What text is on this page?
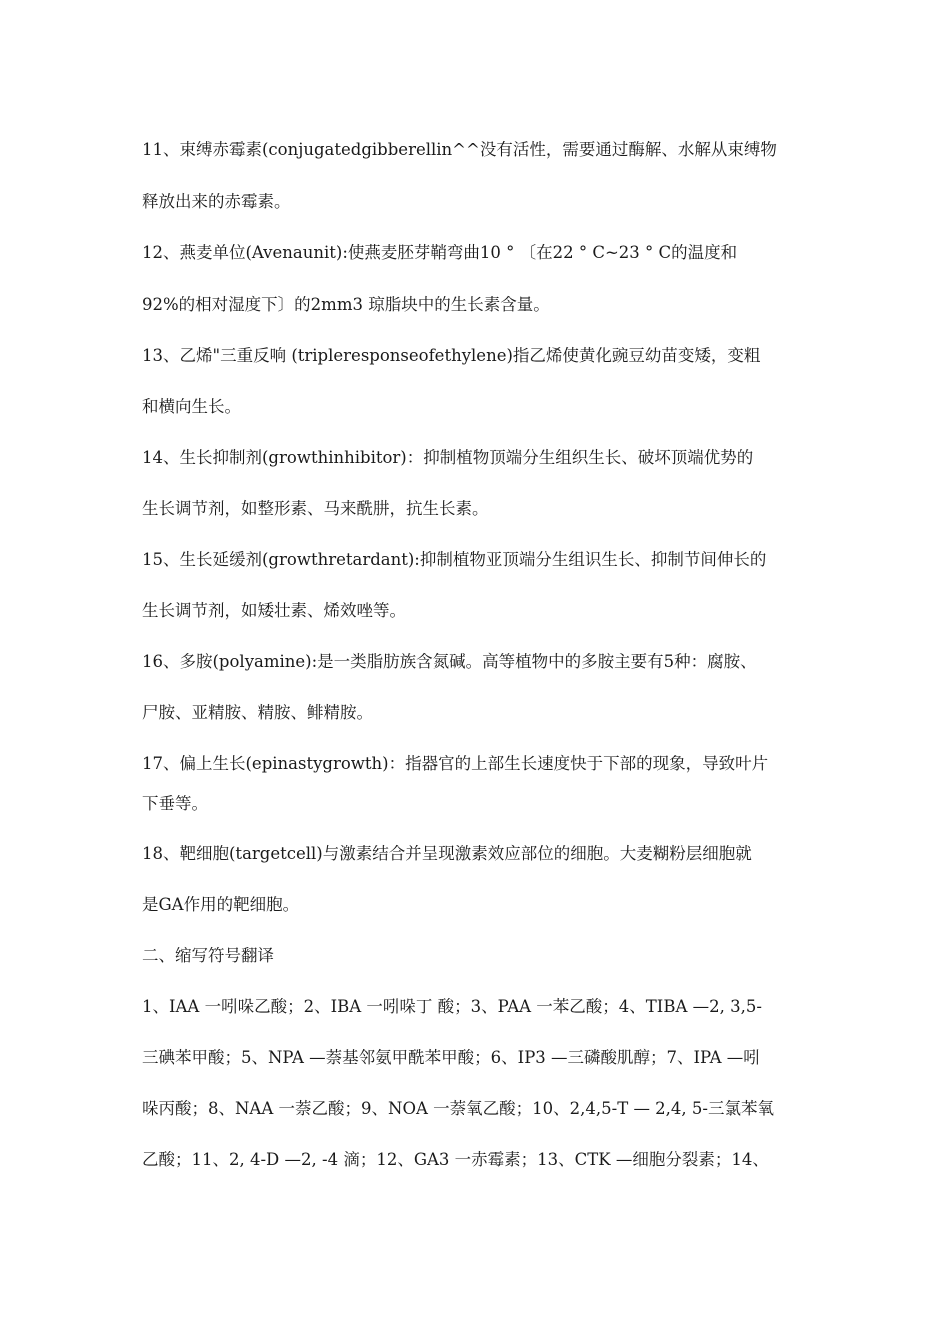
11、束缚赤霉素(conjugatedgibberellin^^没有活性，需要通过酶解、水解从束缚物
释放出来的赤霉素。
12、燕麦单位(Avenaunit):使燕麦胚芽鞘弯曲10 ° 〔在22 ° C~23 ° C的温度和
92%的相对湿度下〕的2mm3 琼脂块中的生长素含量。
13、乙烯"三重反响 (tripleresponseofethylene)指乙烯使黄化豌豆幼苗变矮，变粗
和横向生长。
14、生长抑制剂(growthinhibitor)：抑制植物顶端分生组织生长、破坏顶端优势的
生长调节剂，如整形素、马来酰肼，抗生长素。
15、生长延缓剂(growthretardant):抑制植物亚顶端分生组识生长、抑制节间伸长的
生长调节剂，如矮壮素、烯效唑等。
16、多胺(polyamine):是一类脂肪族含氮碱。高等植物中的多胺主要有5种：腐胺、
尸胺、亚精胺、精胺、鲱精胺。
17、偏上生长(epinastygrowth)：指器官的上部生长速度快于下部的现象，导致叶片
下垂等。
18、靶细胞(targetcell)与激素结合并呈现激素效应部位的细胞。大麦糊粉层细胞就
是GA作用的靶细胞。
二、缩写符号翻译
1、IAA 一吲哚乙酸；2、IBA 一吲哚丁 酸；3、PAA 一苯乙酸；4、TIBA —2, 3,5-
三碘苯甲酸；5、NPA —萘基邻氨甲酰苯甲酸；6、IP3 —三磷酸肌醇；7、IPA —吲
哚丙酸；8、NAA 一萘乙酸；9、NOA 一萘氧乙酸；10、2,4,5-T — 2,4, 5-三氯苯氧
乙酸；11、2, 4-D —2, -4 滴；12、GA3 一赤霉素；13、CTK —细胞分裂素；14、
